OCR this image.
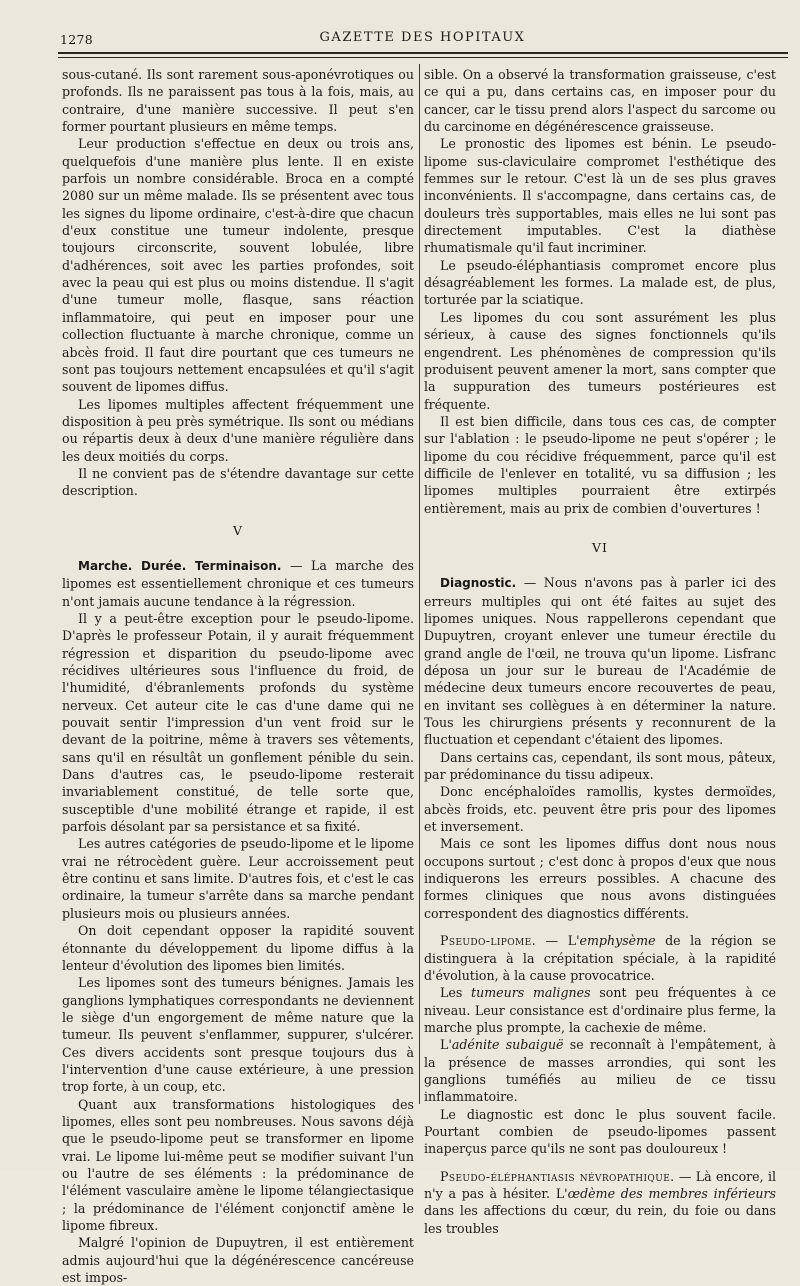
1278	GAZETTE DES HOPITAUX

sous-cutané. Ils sont rarement sous-aponévrotiques ou profonds. Ils ne paraissent pas tous à la fois, mais, au contraire, d'une manière successive. Il peut s'en former pourtant plusieurs en même temps.

Leur production s'effectue en deux ou trois ans, quelquefois d'une manière plus lente. Il en existe parfois un nombre considérable. Broca en a compté 2080 sur un même malade. Ils se présentent avec tous les signes du lipome ordinaire, c'est-à-dire que chacun d'eux constitue une tumeur indolente, presque toujours circonscrite, souvent lobulée, libre d'adhérences, soit avec les parties profondes, soit avec la peau qui est plus ou moins distendue. Il s'agit d'une tumeur molle, flasque, sans réaction inflammatoire, qui peut en imposer pour une collection fluctuante à marche chronique, comme un abcès froid. Il faut dire pourtant que ces tumeurs ne sont pas toujours nettement encapsulées et qu'il s'agit souvent de lipomes diffus.

Les lipomes multiples affectent fréquemment une disposition à peu près symétrique. Ils sont ou médians ou répartis deux à deux d'une manière régulière dans les deux moitiés du corps.

Il ne convient pas de s'étendre davantage sur cette description.

V

Marche. Durée. Terminaison. — La marche des lipomes est essentiellement chronique et ces tumeurs n'ont jamais aucune tendance à la régression.

Il y a peut-être exception pour le pseudo-lipome. D'après le professeur Potain, il y aurait fréquemment régression et disparition du pseudo-lipome avec récidives ultérieures sous l'influence du froid, de l'humidité, d'ébranlements profonds du système nerveux. Cet auteur cite le cas d'une dame qui ne pouvait sentir l'impression d'un vent froid sur le devant de la poitrine, même à travers ses vêtements, sans qu'il en résultât un gonflement pénible du sein. Dans d'autres cas, le pseudo-lipome resterait invariablement constitué, de telle sorte que, susceptible d'une mobilité étrange et rapide, il est parfois désolant par sa persistance et sa fixité.

Les autres catégories de pseudo-lipome et le lipome vrai ne rétrocèdent guère. Leur accroissement peut être continu et sans limite. D'autres fois, et c'est le cas ordinaire, la tumeur s'arrête dans sa marche pendant plusieurs mois ou plusieurs années.

On doit cependant opposer la rapidité souvent étonnante du développement du lipome diffus à la lenteur d'évolution des lipomes bien limités.

Les lipomes sont des tumeurs bénignes. Jamais les ganglions lymphatiques correspondants ne deviennent le siège d'un engorgement de même nature que la tumeur. Ils peuvent s'enflammer, suppurer, s'ulcérer. Ces divers accidents sont presque toujours dus à l'intervention d'une cause extérieure, à une pression trop forte, à un coup, etc.

Quant aux transformations histologiques des lipomes, elles sont peu nombreuses. Nous savons déjà que le pseudo-lipome peut se transformer en lipome vrai. Le lipome lui-même peut se modifier suivant l'un ou l'autre de ses éléments : la prédominance de l'élément vasculaire amène le lipome télangiectasique ; la prédominance de l'élément conjonctif amène le lipome fibreux.

Malgré l'opinion de Dupuytren, il est entièrement admis aujourd'hui que la dégénérescence cancéreuse est impos-

sible. On a observé la transformation graisseuse, c'est ce qui a pu, dans certains cas, en imposer pour du cancer, car le tissu prend alors l'aspect du sarcome ou du carcinome en dégénérescence graisseuse.

Le pronostic des lipomes est bénin. Le pseudo-lipome sus-claviculaire compromet l'esthétique des femmes sur le retour. C'est là un de ses plus graves inconvénients. Il s'accompagne, dans certains cas, de douleurs très supportables, mais elles ne lui sont pas directement imputables. C'est la diathèse rhumatismale qu'il faut incriminer.

Le pseudo-éléphantiasis compromet encore plus désagréablement les formes. La malade est, de plus, torturée par la sciatique.

Les lipomes du cou sont assurément les plus sérieux, à cause des signes fonctionnels qu'ils engendrent. Les phénomènes de compression qu'ils produisent peuvent amener la mort, sans compter que la suppuration des tumeurs postérieures est fréquente.

Il est bien difficile, dans tous ces cas, de compter sur l'ablation : le pseudo-lipome ne peut s'opérer ; le lipome du cou récidive fréquemment, parce qu'il est difficile de l'enlever en totalité, vu sa diffusion ; les lipomes multiples pourraient être extirpés entièrement, mais au prix de combien d'ouvertures !

VI

Diagnostic. — Nous n'avons pas à parler ici des erreurs multiples qui ont été faites au sujet des lipomes uniques. Nous rappellerons cependant que Dupuytren, croyant enlever une tumeur érectile du grand angle de l'œil, ne trouva qu'un lipome. Lisfranc déposa un jour sur le bureau de l'Académie de médecine deux tumeurs encore recouvertes de peau, en invitant ses collègues à en déterminer la nature. Tous les chirurgiens présents y reconnurent de la fluctuation et cependant c'étaient des lipomes.

Dans certains cas, cependant, ils sont mous, pâteux, par prédominance du tissu adipeux.

Donc encéphaloïdes ramollis, kystes dermoïdes, abcès froids, etc. peuvent être pris pour des lipomes et inversement.

Mais ce sont les lipomes diffus dont nous nous occupons surtout ; c'est donc à propos d'eux que nous indiquerons les erreurs possibles. A chacune des formes cliniques que nous avons distinguées correspondent des diagnostics différents.

Pseudo-lipome. — L'emphysème de la région se distinguera à la crépitation spéciale, à la rapidité d'évolution, à la cause provocatrice.

Les tumeurs malignes sont peu fréquentes à ce niveau. Leur consistance est d'ordinaire plus ferme, la marche plus prompte, la cachexie de même.

L'adénite subaiguë se reconnaît à l'empâtement, à la présence de masses arrondies, qui sont les ganglions tuméfiés au milieu de ce tissu inflammatoire.

Le diagnostic est donc le plus souvent facile. Pourtant combien de pseudo-lipomes passent inaperçus parce qu'ils ne sont pas douloureux !

Pseudo-éléphantiasis névropathique. — Là encore, il n'y a pas à hésiter. L'œdème des membres inférieurs dans les affections du cœur, du rein, du foie ou dans les troubles
